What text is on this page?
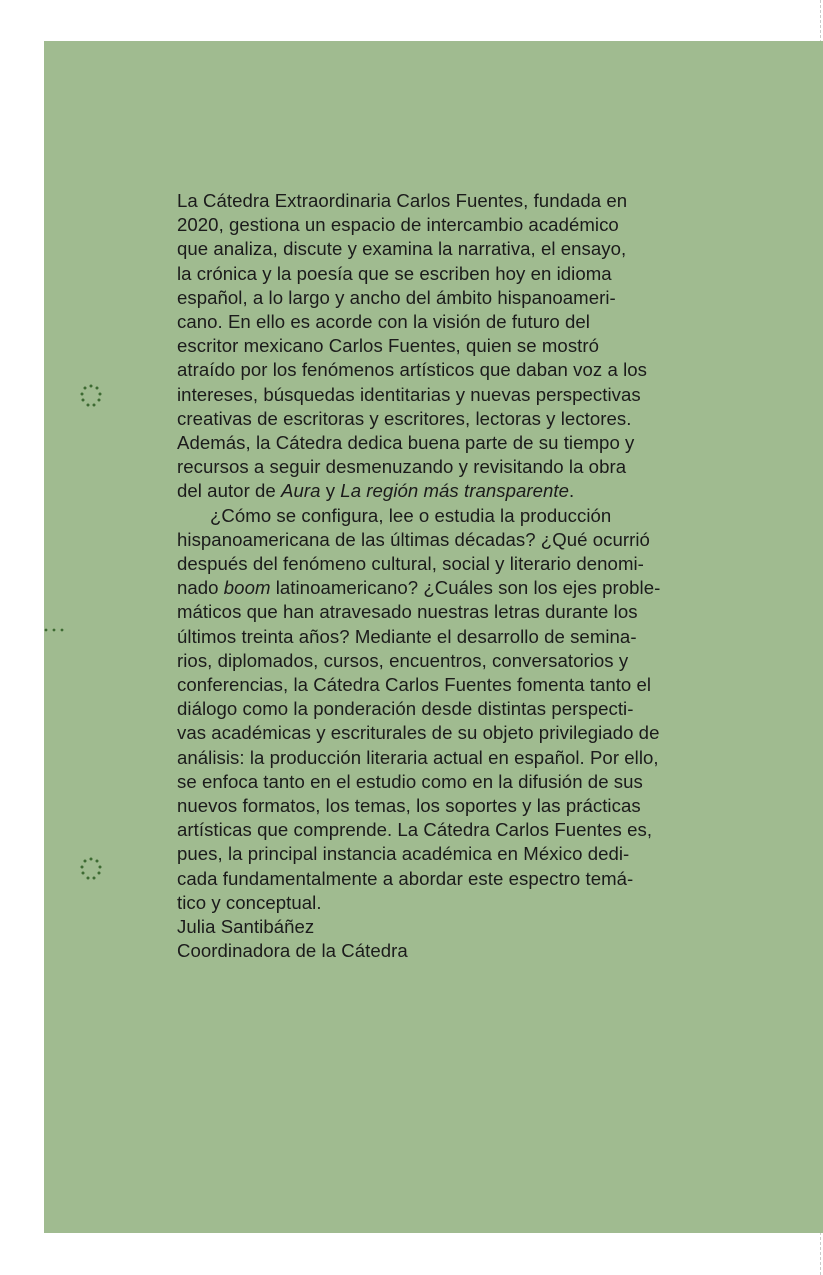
La Cátedra Extraordinaria Carlos Fuentes, fundada en
2020, gestiona un espacio de intercambio académico
que analiza, discute y examina la narrativa, el ensayo,
la crónica y la poesía que se escriben hoy en idioma
español, a lo largo y ancho del ámbito hispanoameri-
cano. En ello es acorde con la visión de futuro del
escritor mexicano Carlos Fuentes, quien se mostró
atraído por los fenómenos artísticos que daban voz a los
intereses, búsquedas identitarias y nuevas perspectivas
creativas de escritoras y escritores, lectoras y lectores.
Además, la Cátedra dedica buena parte de su tiempo y
recursos a seguir desmenuzando y revisitando la obra
del autor de Aura y La región más transparente.

¿Cómo se configura, lee o estudia la producción
hispanoamericana de las últimas décadas? ¿Qué ocurrió
después del fenómeno cultural, social y literario denomi-
nado boom latinoamericano? ¿Cuáles son los ejes proble-
máticos que han atravesado nuestras letras durante los
últimos treinta años? Mediante el desarrollo de semina-
rios, diplomados, cursos, encuentros, conversatorios y
conferencias, la Cátedra Carlos Fuentes fomenta tanto el
diálogo como la ponderación desde distintas perspecti-
vas académicas y escriturales de su objeto privilegiado de
análisis: la producción literaria actual en español. Por ello,
se enfoca tanto en el estudio como en la difusión de sus
nuevos formatos, los temas, los soportes y las prácticas
artísticas que comprende. La Cátedra Carlos Fuentes es,
pues, la principal instancia académica en México dedi-
cada fundamentalmente a abordar este espectro temá-
tico y conceptual.

Julia Santibáñez
Coordinadora de la Cátedra
